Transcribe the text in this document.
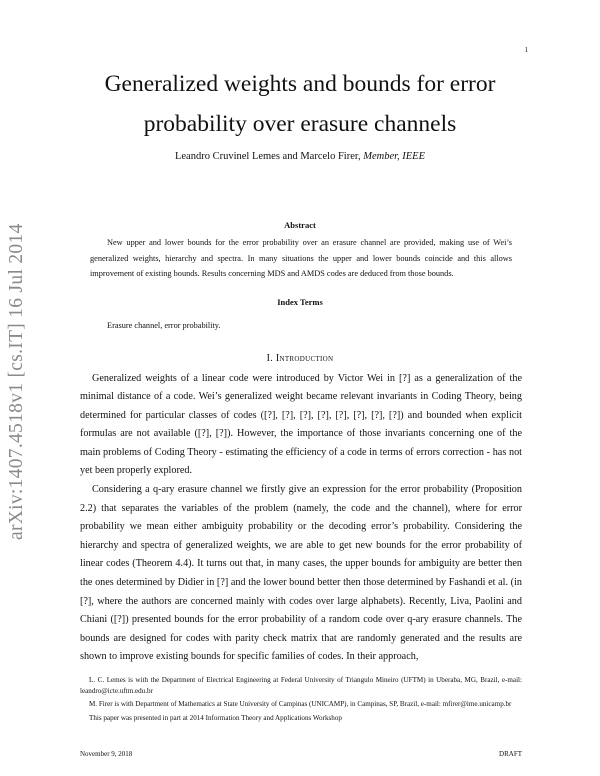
1
arXiv:1407.4518v1 [cs.IT] 16 Jul 2014
Generalized weights and bounds for error
probability over erasure channels
Leandro Cruvinel Lemes and Marcelo Firer, Member, IEEE
Abstract
New upper and lower bounds for the error probability over an erasure channel are provided, making use of Wei’s generalized weights, hierarchy and spectra. In many situations the upper and lower bounds coincide and this allows improvement of existing bounds. Results concerning MDS and AMDS codes are deduced from those bounds.
Index Terms
Erasure channel, error probability.
I. Introduction

Generalized weights of a linear code were introduced by Victor Wei in [?] as a generalization of the minimal distance of a code. Wei’s generalized weight became relevant invariants in Coding Theory, being determined for particular classes of codes ([?], [?], [?], [?], [?], [?], [?], [?]) and bounded when explicit formulas are not available ([?], [?]). However, the importance of those invariants concerning one of the main problems of Coding Theory - estimating the efficiency of a code in terms of errors correction - has not yet been properly explored.

Considering a q-ary erasure channel we firstly give an expression for the error probability (Proposition 2.2) that separates the variables of the problem (namely, the code and the channel), where for error probability we mean either ambiguity probability or the decoding error’s probability. Considering the hierarchy and spectra of generalized weights, we are able to get new bounds for the error probability of linear codes (Theorem 4.4). It turns out that, in many cases, the upper bounds for ambiguity are better then the ones determined by Didier in [?] and the lower bound better then those determined by Fashandi et al. (in [?], where the authors are concerned mainly with codes over large alphabets). Recently, Liva, Paolini and Chiani ([?]) presented bounds for the error probability of a random code over q-ary erasure channels. The bounds are designed for codes with parity check matrix that are randomly generated and the results are shown to improve existing bounds for specific families of codes. In their approach,

L. C. Lemes is with the Department of Electrical Engineering at Federal University of Triangulo Mineiro (UFTM) in Uberaba, MG, Brazil, e-mail: leandro@icte.uftm.edu.br

M. Firer is with Department of Mathematics at State University of Campinas (UNICAMP), in Campinas, SP, Brazil, e-mail: mfirer@ime.unicamp.br

This paper was presented in part at 2014 Information Theory and Applications Workshop

November 9, 2018	DRAFT
